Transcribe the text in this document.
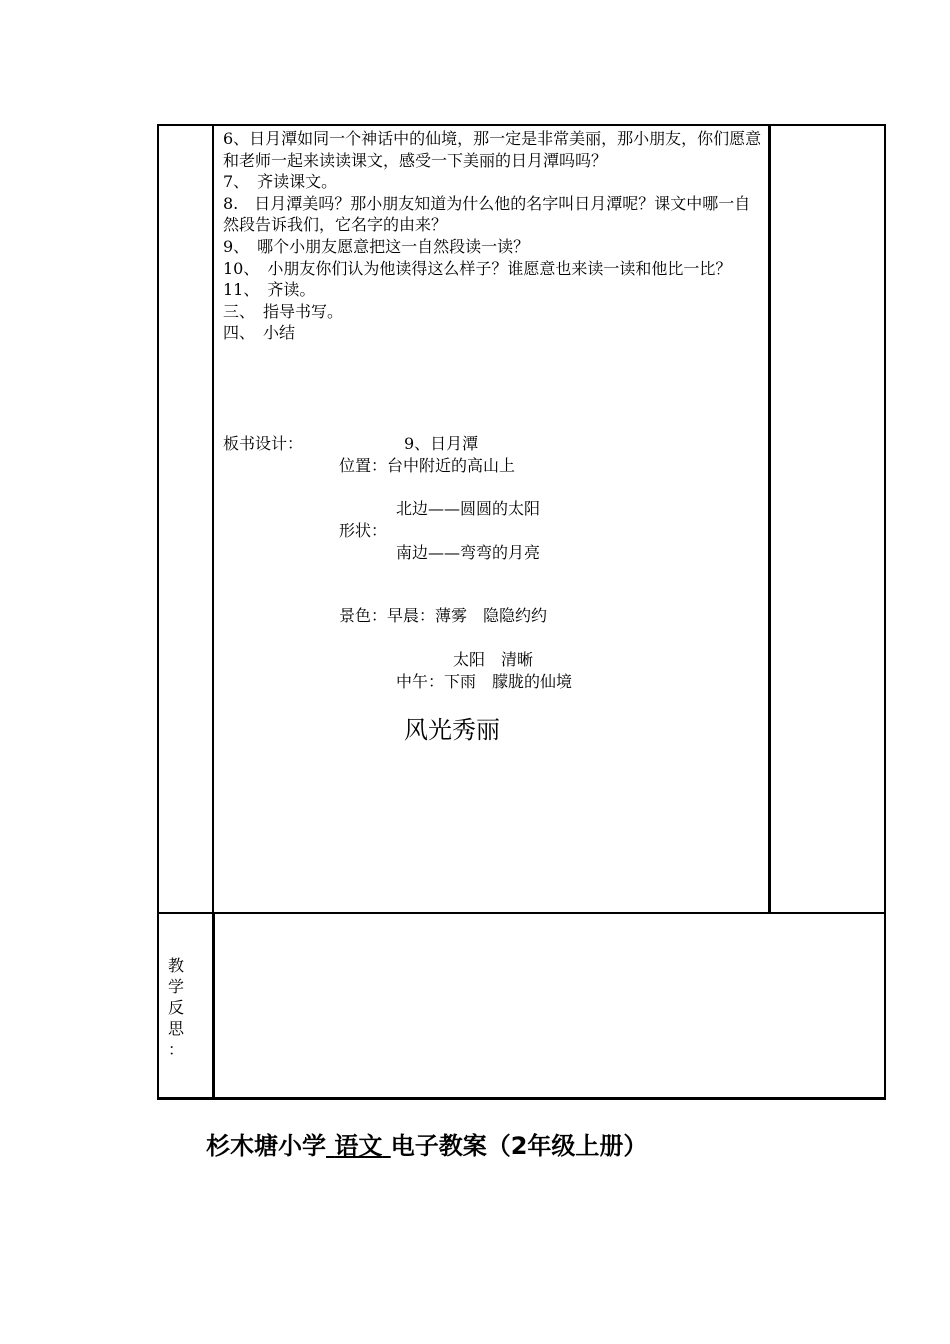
6、日月潭如同一个神话中的仙境，那一定是非常美丽，那小朋友，你们愿意和老师一起来读读课文，感受一下美丽的日月潭吗吗？
7、　齐读课文。
8.　日月潭美吗？那小朋友知道为什么他的名字叫日月潭呢？课文中哪一自然段告诉我们，它名字的由来？
9、　哪个小朋友愿意把这一自然段读一读？
10、　小朋友你们认为他读得这么样子？谁愿意也来读一读和他比一比？
11、　齐读。
三、　指导书写。
四、　小结
板书设计：	9、日月潭
位置：台中附近的高山上
北边——圆圆的太阳
形状：
南边——弯弯的月亮
景色：早晨：薄雾　隐隐约约
太阳　清晰
中午：下雨　朦胧的仙境
风光秀丽
教
学
反
思
：
杉木塘小学 语文 电子教案（2年级上册）
